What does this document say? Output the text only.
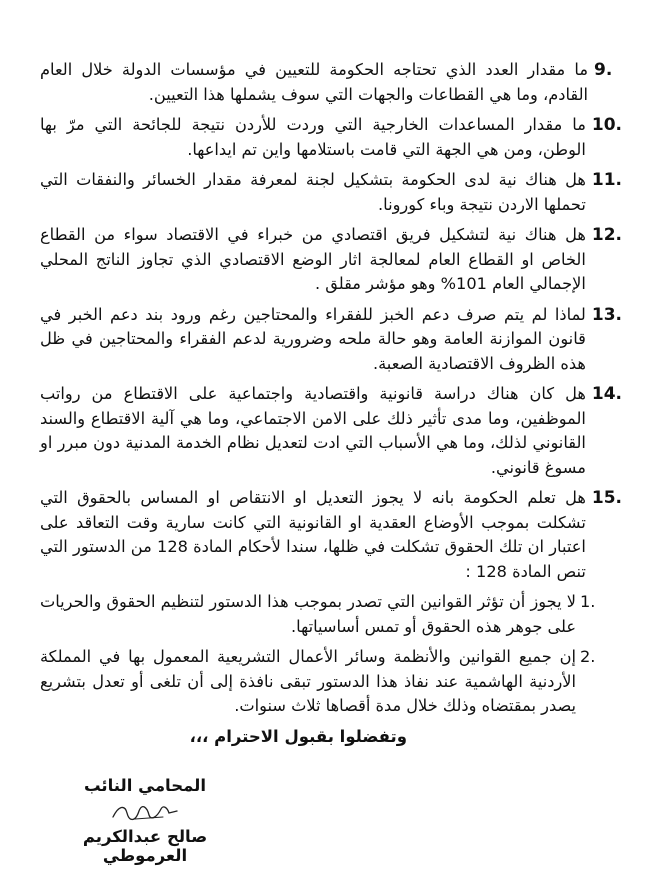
9.
ما مقدار العدد الذي تحتاجه الحكومة للتعيين في مؤسسات الدولة خلال العام القادم، وما هي القطاعات والجهات التي سوف يشملها هذا التعيين.
10.
ما مقدار المساعدات الخارجية التي وردت للأردن نتيجة للجائحة التي مرّ بها الوطن، ومن هي الجهة التي قامت باستلامها واين تم ايداعها.
11.
هل هناك نية لدى الحكومة بتشكيل لجنة لمعرفة مقدار الخسائر والنفقات التي تحملها الاردن نتيجة وباء كورونا.
12.
هل هناك نية لتشكيل فريق اقتصادي من خبراء في الاقتصاد سواء من القطاع الخاص او القطاع العام لمعالجة اثار الوضع الاقتصادي الذي تجاوز الناتج المحلي الإجمالي العام 101% وهو مؤشر مقلق .
13.
لماذا لم يتم صرف دعم الخبز للفقراء والمحتاجين رغم ورود بند دعم الخبر في قانون الموازنة العامة وهو حالة ملحه وضرورية لدعم الفقراء والمحتاجين في ظل هذه الظروف الاقتصادية الصعبة.
14.
هل كان هناك دراسة قانونية واقتصادية واجتماعية على الاقتطاع من رواتب الموظفين، وما مدى تأثير ذلك على الامن الاجتماعي، وما هي آلية الاقتطاع والسند القانوني لذلك، وما هي الأسباب التي ادت لتعديل نظام الخدمة المدنية دون مبرر او مسوغ قانوني.
15.
هل تعلم الحكومة بانه لا يجوز التعديل او الانتقاص او المساس بالحقوق التي تشكلت بموجب الأوضاع العقدية او القانونية التي كانت سارية وقت التعاقد على اعتبار ان تلك الحقوق تشكلت في ظلها، سندا لأحكام المادة 128 من الدستور التي تنص المادة 128 :
1.
لا يجوز أن تؤثر القوانين التي تصدر بموجب هذا الدستور لتنظيم الحقوق والحريات على جوهر هذه الحقوق أو تمس أساسياتها.
2.
إن جميع القوانين والأنظمة وسائر الأعمال التشريعية المعمول بها في المملكة الأردنية الهاشمية عند نفاذ هذا الدستور تبقى نافذة إلى أن تلغى أو تعدل بتشريع يصدر بمقتضاه وذلك خلال مدة أقصاها ثلاث سنوات.
وتفضلوا بقبول الاحترام ،،،
المحامي النائب
صالح عبدالكريم العرموطي
